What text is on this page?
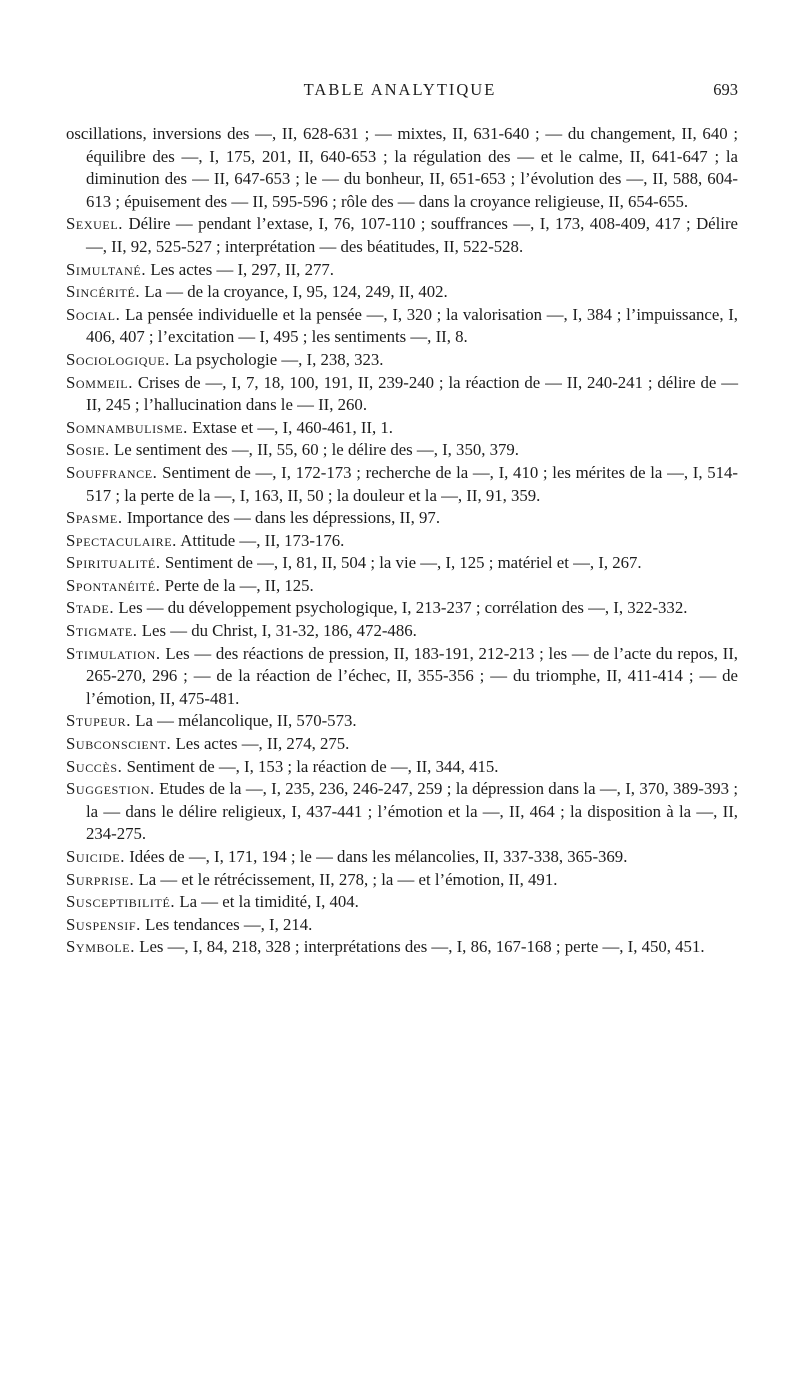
TABLE ANALYTIQUE	693

oscillations, inversions des —, II, 628-631 ; — mixtes, II, 631-640 ; — du changement, II, 640 ; équilibre des —, I, 175, 201, II, 640-653 ; la régulation des — et le calme, II, 641-647 ; la diminution des — II, 647-653 ; le — du bonheur, II, 651-653 ; l’évolution des —, II, 588, 604-613 ; épuisement des — II, 595-596 ; rôle des — dans la croyance religieuse, II, 654-655.

Sexuel. Délire — pendant l’extase, I, 76, 107-110 ; souffrances —, I, 173, 408-409, 417 ; Délire —, II, 92, 525-527 ; interprétation — des béatitudes, II, 522-528.

Simultané. Les actes — I, 297, II, 277.

Sincérité. La — de la croyance, I, 95, 124, 249, II, 402.

Social. La pensée individuelle et la pensée —, I, 320 ; la valorisation —, I, 384 ; l’impuissance, I, 406, 407 ; l’excitation — I, 495 ; les sentiments —, II, 8.

Sociologique. La psychologie —, I, 238, 323.

Sommeil. Crises de —, I, 7, 18, 100, 191, II, 239-240 ; la réaction de — II, 240-241 ; délire de — II, 245 ; l’hallucination dans le — II, 260.

Somnambulisme. Extase et —, I, 460-461, II, 1.

Sosie. Le sentiment des —, II, 55, 60 ; le délire des —, I, 350, 379.

Souffrance. Sentiment de —, I, 172-173 ; recherche de la —, I, 410 ; les mérites de la —, I, 514-517 ; la perte de la —, I, 163, II, 50 ; la douleur et la —, II, 91, 359.

Spasme. Importance des — dans les dépressions, II, 97.

Spectaculaire. Attitude —, II, 173-176.

Spiritualité. Sentiment de —, I, 81, II, 504 ; la vie —, I, 125 ; matériel et —, I, 267.

Spontanéité. Perte de la —, II, 125.

Stade. Les — du développement psychologique, I, 213-237 ; corrélation des —, I, 322-332.

Stigmate. Les — du Christ, I, 31-32, 186, 472-486.

Stimulation. Les — des réactions de pression, II, 183-191, 212-213 ; les — de l’acte du repos, II, 265-270, 296 ; — de la réaction de l’échec, II, 355-356 ; — du triomphe, II, 411-414 ; — de l’émotion, II, 475-481.

Stupeur. La — mélancolique, II, 570-573.

Subconscient. Les actes —, II, 274, 275.

Succès. Sentiment de —, I, 153 ; la réaction de —, II, 344, 415.

Suggestion. Etudes de la —, I, 235, 236, 246-247, 259 ; la dépression dans la —, I, 370, 389-393 ; la — dans le délire religieux, I, 437-441 ; l’émotion et la —, II, 464 ; la disposition à la —, II, 234-275.

Suicide. Idées de —, I, 171, 194 ; le — dans les mélancolies, II, 337-338, 365-369.

Surprise. La — et le rétrécissement, II, 278, ; la — et l’émotion, II, 491.

Susceptibilité. La — et la timidité, I, 404.

Suspensif. Les tendances —, I, 214.

Symbole. Les —, I, 84, 218, 328 ; interprétations des —, I, 86, 167-168 ; perte —, I, 450, 451.
